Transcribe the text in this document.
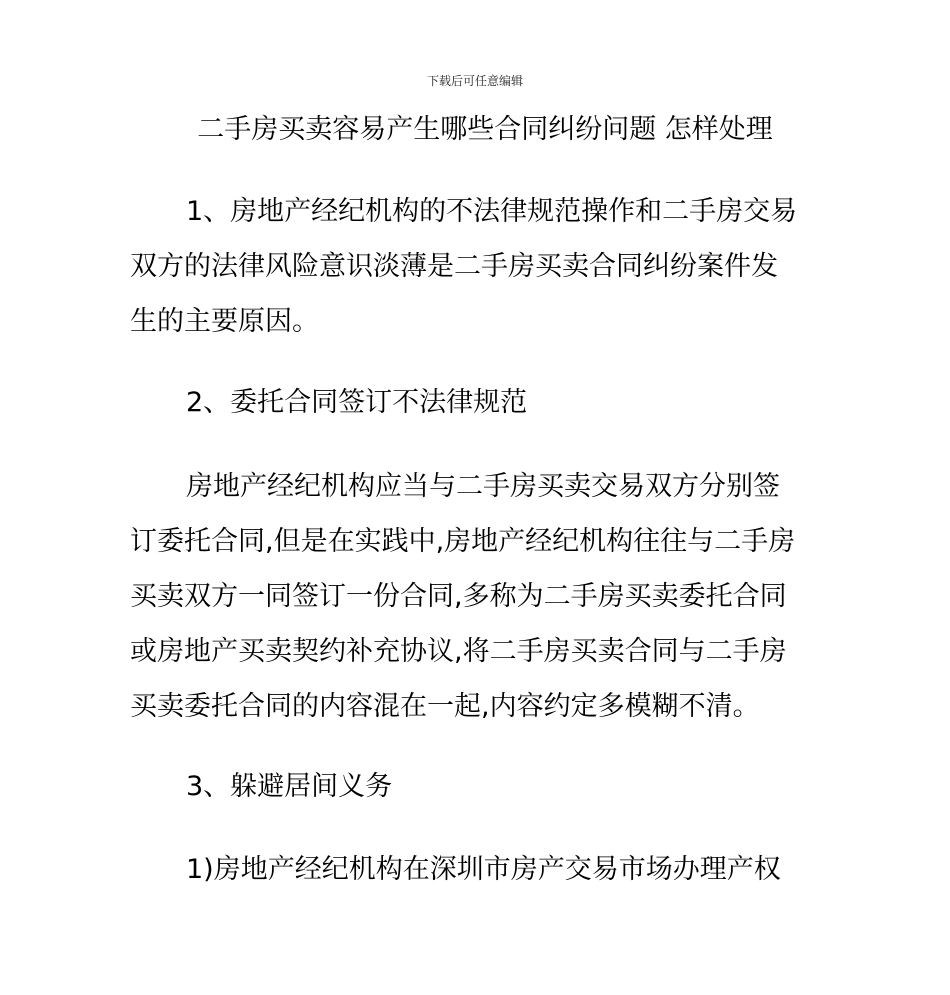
下载后可任意编辑
二手房买卖容易产生哪些合同纠纷问题 怎样处理
1、房地产经纪机构的不法律规范操作和二手房交易
双方的法律风险意识淡薄是二手房买卖合同纠纷案件发
生的主要原因。
2、委托合同签订不法律规范
房地产经纪机构应当与二手房买卖交易双方分别签
订委托合同,但是在实践中,房地产经纪机构往往与二手房
买卖双方一同签订一份合同,多称为二手房买卖委托合同
或房地产买卖契约补充协议,将二手房买卖合同与二手房
买卖委托合同的内容混在一起,内容约定多模糊不清。
3、躲避居间义务
1)房地产经纪机构在深圳市房产交易市场办理产权
